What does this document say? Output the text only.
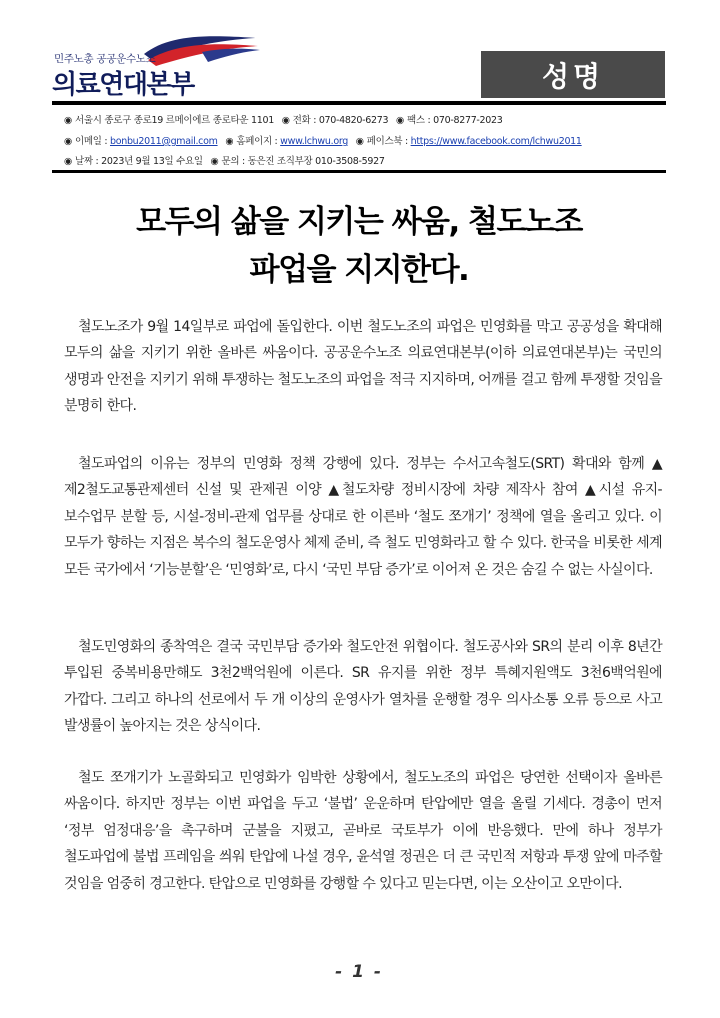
민주노총 공공운수노조
의료연대본부	성명
◉ 서울시 종로구 종로19 르메이에르 종로타운 1101 ◉ 전화 : 070-4820-6273 ◉ 팩스 : 070-8277-2023
◉ 이메일 : bonbu2011@gmail.com ◉ 홈페이지 : www.lchwu.org ◉ 페이스북 : https://www.facebook.com/lchwu2011
◉ 날짜 : 2023년 9월 13일 수요일 ◉ 문의 : 동은진 조직부장 010-3508-5927
모두의 삶을 지키는 싸움, 철도노조
파업을 지지한다.

철도노조가 9월 14일부로 파업에 돌입한다. 이번 철도노조의 파업은 민영화를 막고 공공성을 확대해 모두의 삶을 지키기 위한 올바른 싸움이다. 공공운수노조 의료연대본부(이하 의료연대본부)는 국민의 생명과 안전을 지키기 위해 투쟁하는 철도노조의 파업을 적극 지지하며, 어깨를 걸고 함께 투쟁할 것임을 분명히 한다.

철도파업의 이유는 정부의 민영화 정책 강행에 있다. 정부는 수서고속철도(SRT) 확대와 함께 ▲제2철도교통관제센터 신설 및 관제권 이양 ▲철도차량 정비시장에 차량 제작사 참여 ▲시설 유지-보수업무 분할 등, 시설-정비-관제 업무를 상대로 한 이른바 ‘철도 쪼개기’ 정책에 열을 올리고 있다. 이 모두가 향하는 지점은 복수의 철도운영사 체제 준비, 즉 철도 민영화라고 할 수 있다. 한국을 비롯한 세계 모든 국가에서 ‘기능분할’은 ‘민영화’로, 다시 ‘국민 부담 증가’로 이어져 온 것은 숨길 수 없는 사실이다.

철도민영화의 종착역은 결국 국민부담 증가와 철도안전 위협이다. 철도공사와 SR의 분리 이후 8년간 투입된 중복비용만해도 3천2백억원에 이른다. SR 유지를 위한 정부 특혜지원액도 3천6백억원에 가깝다. 그리고 하나의 선로에서 두 개 이상의 운영사가 열차를 운행할 경우 의사소통 오류 등으로 사고 발생률이 높아지는 것은 상식이다.

철도 쪼개기가 노골화되고 민영화가 임박한 상황에서, 철도노조의 파업은 당연한 선택이자 올바른 싸움이다. 하지만 정부는 이번 파업을 두고 ‘불법’ 운운하며 탄압에만 열을 올릴 기세다. 경총이 먼저 ‘정부 엄정대응’을 촉구하며 군불을 지폈고, 곧바로 국토부가 이에 반응했다. 만에 하나 정부가 철도파업에 불법 프레임을 씌워 탄압에 나설 경우, 윤석열 정권은 더 큰 국민적 저항과 투쟁 앞에 마주할 것임을 엄중히 경고한다. 탄압으로 민영화를 강행할 수 있다고 믿는다면, 이는 오산이고 오만이다.

- 1 -
